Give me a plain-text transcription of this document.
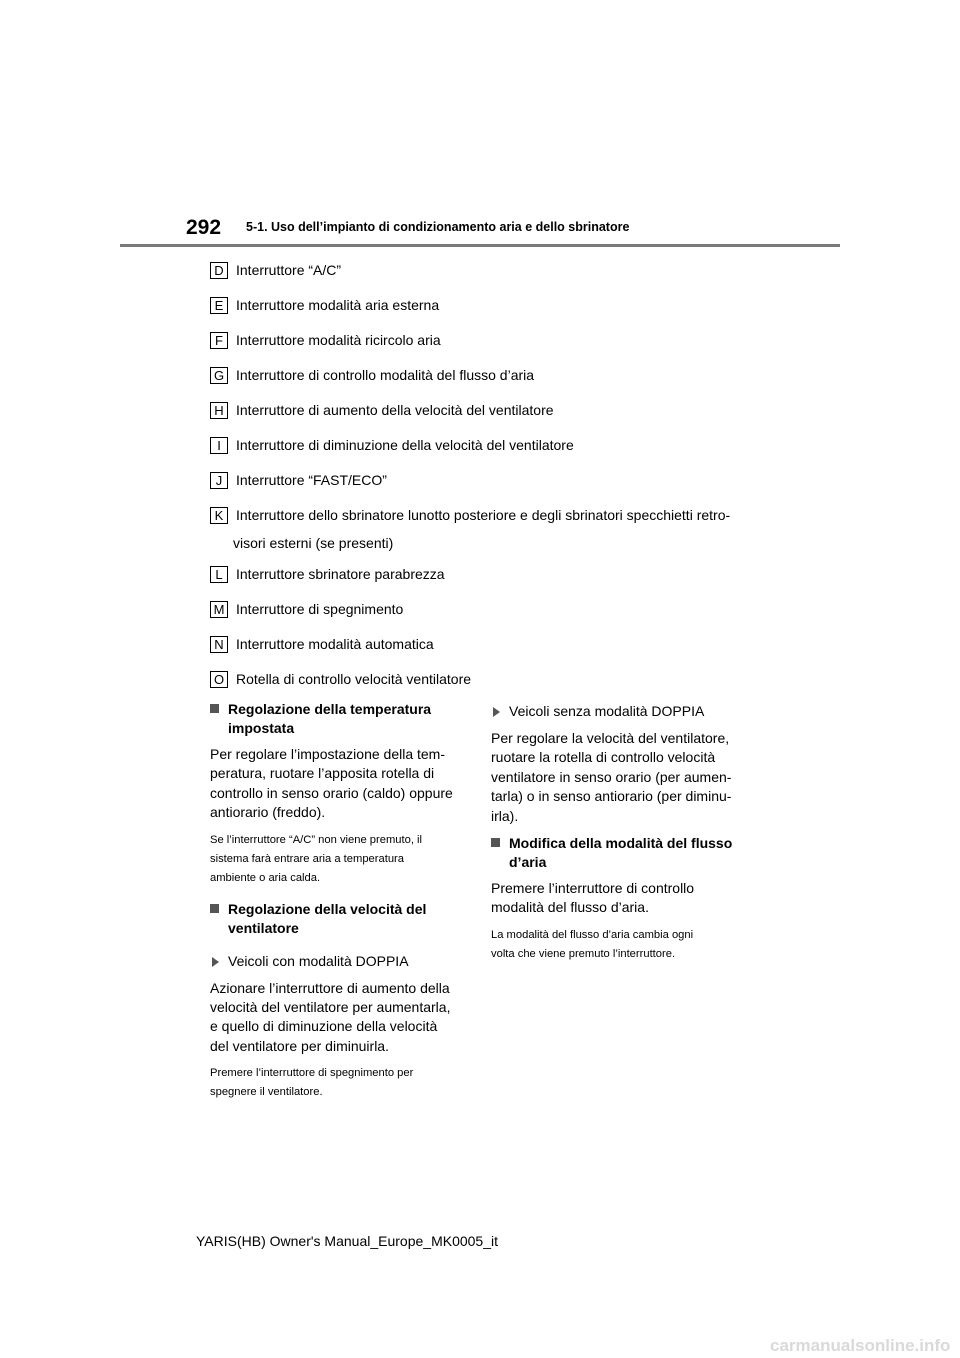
292 5-1. Uso dell’impianto di condizionamento aria e dello sbrinatore
D Interruttore “A/C”
E Interruttore modalità aria esterna
F Interruttore modalità ricircolo aria
G Interruttore di controllo modalità del flusso d’aria
H Interruttore di aumento della velocità del ventilatore
I	Interruttore di diminuzione della velocità del ventilatore
J Interruttore “FAST/ECO”
K Interruttore dello sbrinatore lunotto posteriore e degli sbrinatori specchietti retro-
visori esterni (se presenti)
L Interruttore sbrinatore parabrezza
M Interruttore di spegnimento
N Interruttore modalità automatica
O Rotella di controllo velocità ventilatore
Regolazione della temperatura
impostata
Per regolare l’impostazione della tem-
peratura, ruotare l’apposita rotella di
controllo in senso orario (caldo) oppure
antiorario (freddo).
Se l’interruttore “A/C” non viene premuto, il
sistema farà entrare aria a temperatura
ambiente o aria calda.
Regolazione della velocità del
ventilatore
Veicoli con modalità DOPPIA
Azionare l’interruttore di aumento della
velocità del ventilatore per aumentarla,
e quello di diminuzione della velocità
del ventilatore per diminuirla.
Premere l’interruttore di spegnimento per
spegnere il ventilatore.
Veicoli senza modalità DOPPIA
Per regolare la velocità del ventilatore,
ruotare la rotella di controllo velocità
ventilatore in senso orario (per aumen-
tarla) o in senso antiorario (per diminu-
irla).
Modifica della modalità del flusso
d’aria
Premere l’interruttore di controllo
modalità del flusso d’aria.
La modalità del flusso d’aria cambia ogni
volta che viene premuto l’interruttore.
YARIS(HB) Owner's Manual_Europe_MK0005_it
carmanualsonline.info
